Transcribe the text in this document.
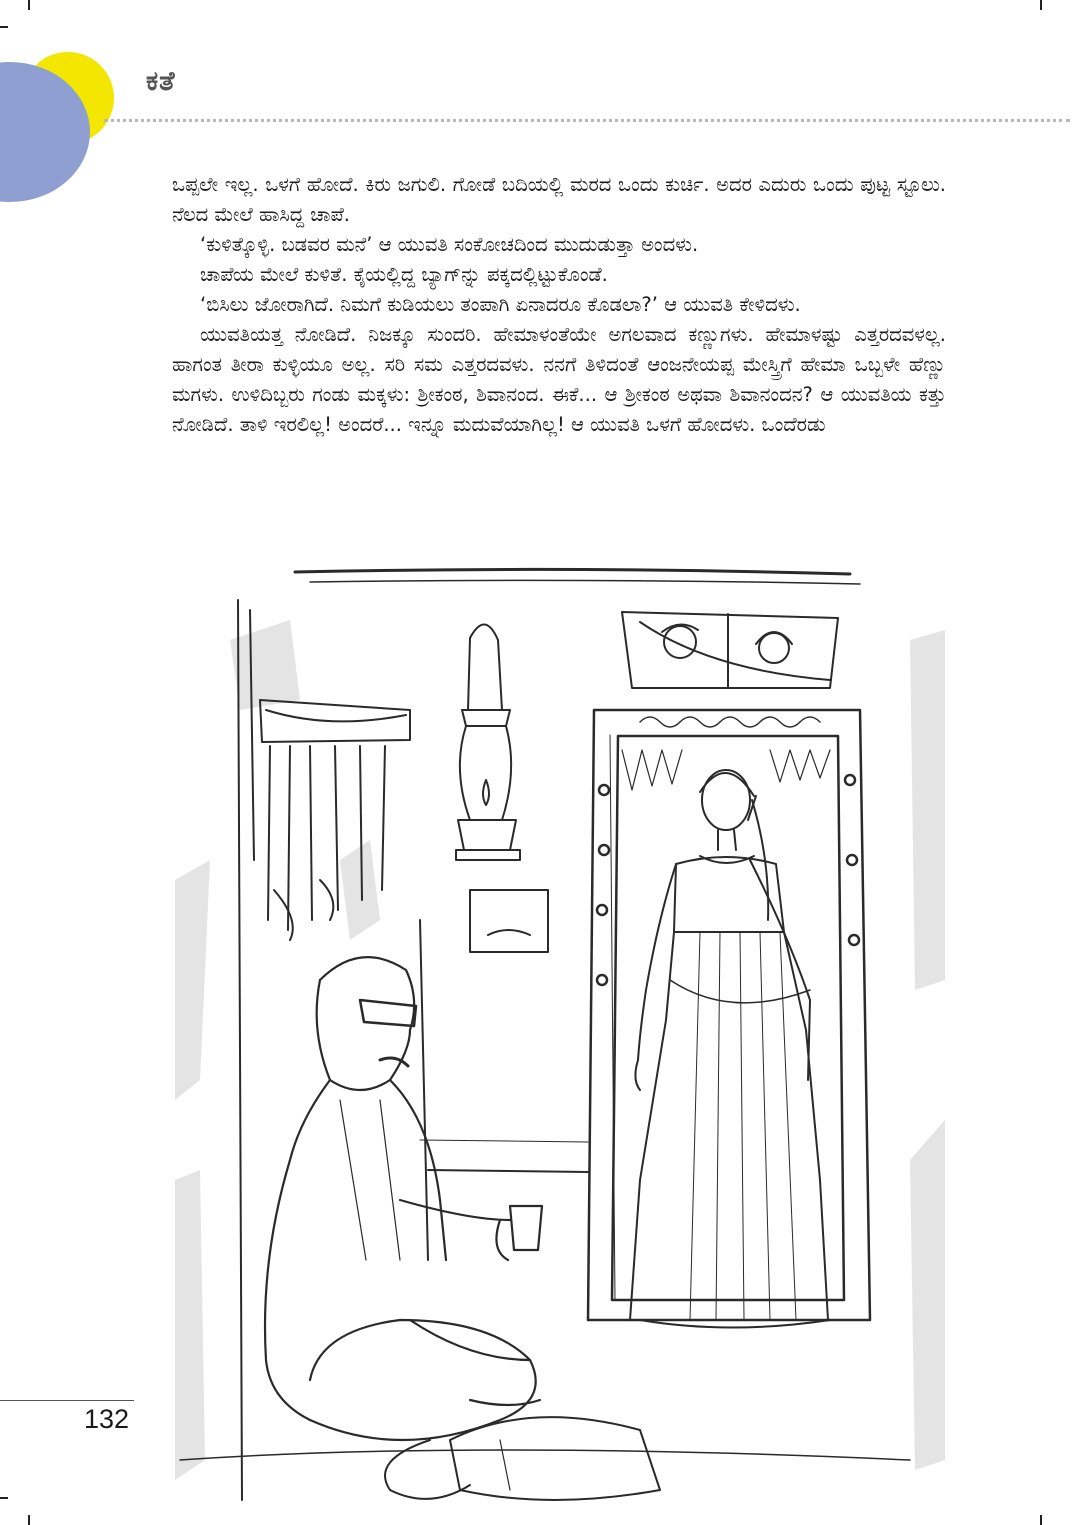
ಕತೆ

ಒಪ್ಪಲೇ ಇಲ್ಲ. ಒಳಗೆ ಹೋದೆ. ಕಿರು ಜಗುಲಿ. ಗೋಡೆ ಬದಿಯಲ್ಲಿ ಮರದ ಒಂದು ಕುರ್ಚಿ. ಅದರ ಎದುರು ಒಂದು ಪುಟ್ಟ ಸ್ಟೂಲು. ನೆಲದ ಮೇಲೆ ಹಾಸಿದ್ದ ಚಾಪೆ.

‘ಕುಳಿತ್ಕೊಳ್ಳಿ. ಬಡವರ ಮನೆ’ ಆ ಯುವತಿ ಸಂಕೋಚದಿಂದ ಮುದುಡುತ್ತಾ ಅಂದಳು.

ಚಾಪೆಯ ಮೇಲೆ ಕುಳಿತೆ. ಕೈಯಲ್ಲಿದ್ದ ಬ್ಯಾಗ್‌ನ್ನು ಪಕ್ಕದಲ್ಲಿಟ್ಟುಕೊಂಡೆ.

‘ಬಿಸಿಲು ಜೋರಾಗಿದೆ. ನಿಮಗೆ ಕುಡಿಯಲು ತಂಪಾಗಿ ಏನಾದರೂ ಕೊಡಲಾ?’ ಆ ಯುವತಿ ಕೇಳಿದಳು.

ಯುವತಿಯತ್ತ ನೋಡಿದೆ. ನಿಜಕ್ಕೂ ಸುಂದರಿ. ಹೇಮಾಳಂತೆಯೇ ಅಗಲವಾದ ಕಣ್ಣುಗಳು. ಹೇಮಾಳಷ್ಟು ಎತ್ತರದವಳಲ್ಲ. ಹಾಗಂತ ತೀರಾ ಕುಳ್ಳಿಯೂ ಅಲ್ಲ. ಸರಿ ಸಮ ಎತ್ತರದವಳು. ನನಗೆ ತಿಳಿದಂತೆ ಆಂಜನೇಯಪ್ಪ ಮೇಸ್ತ್ರಿಗೆ ಹೇಮಾ ಒಬ್ಬಳೇ ಹೆಣ್ಣು ಮಗಳು. ಉಳಿದಿಬ್ಬರು ಗಂಡು ಮಕ್ಕಳು: ಶ್ರೀಕಂಠ, ಶಿವಾನಂದ. ಈಕೆ... ಆ ಶ್ರೀಕಂಠ ಅಥವಾ ಶಿವಾನಂದನ? ಆ ಯುವತಿಯ ಕತ್ತು ನೋಡಿದೆ. ತಾಳಿ ಇರಲಿಲ್ಲ! ಅಂದರೆ... ಇನ್ನೂ ಮದುವೆಯಾಗಿಲ್ಲ! ಆ ಯುವತಿ ಒಳಗೆ ಹೋದಳು. ಒಂದೆರಡು

132
